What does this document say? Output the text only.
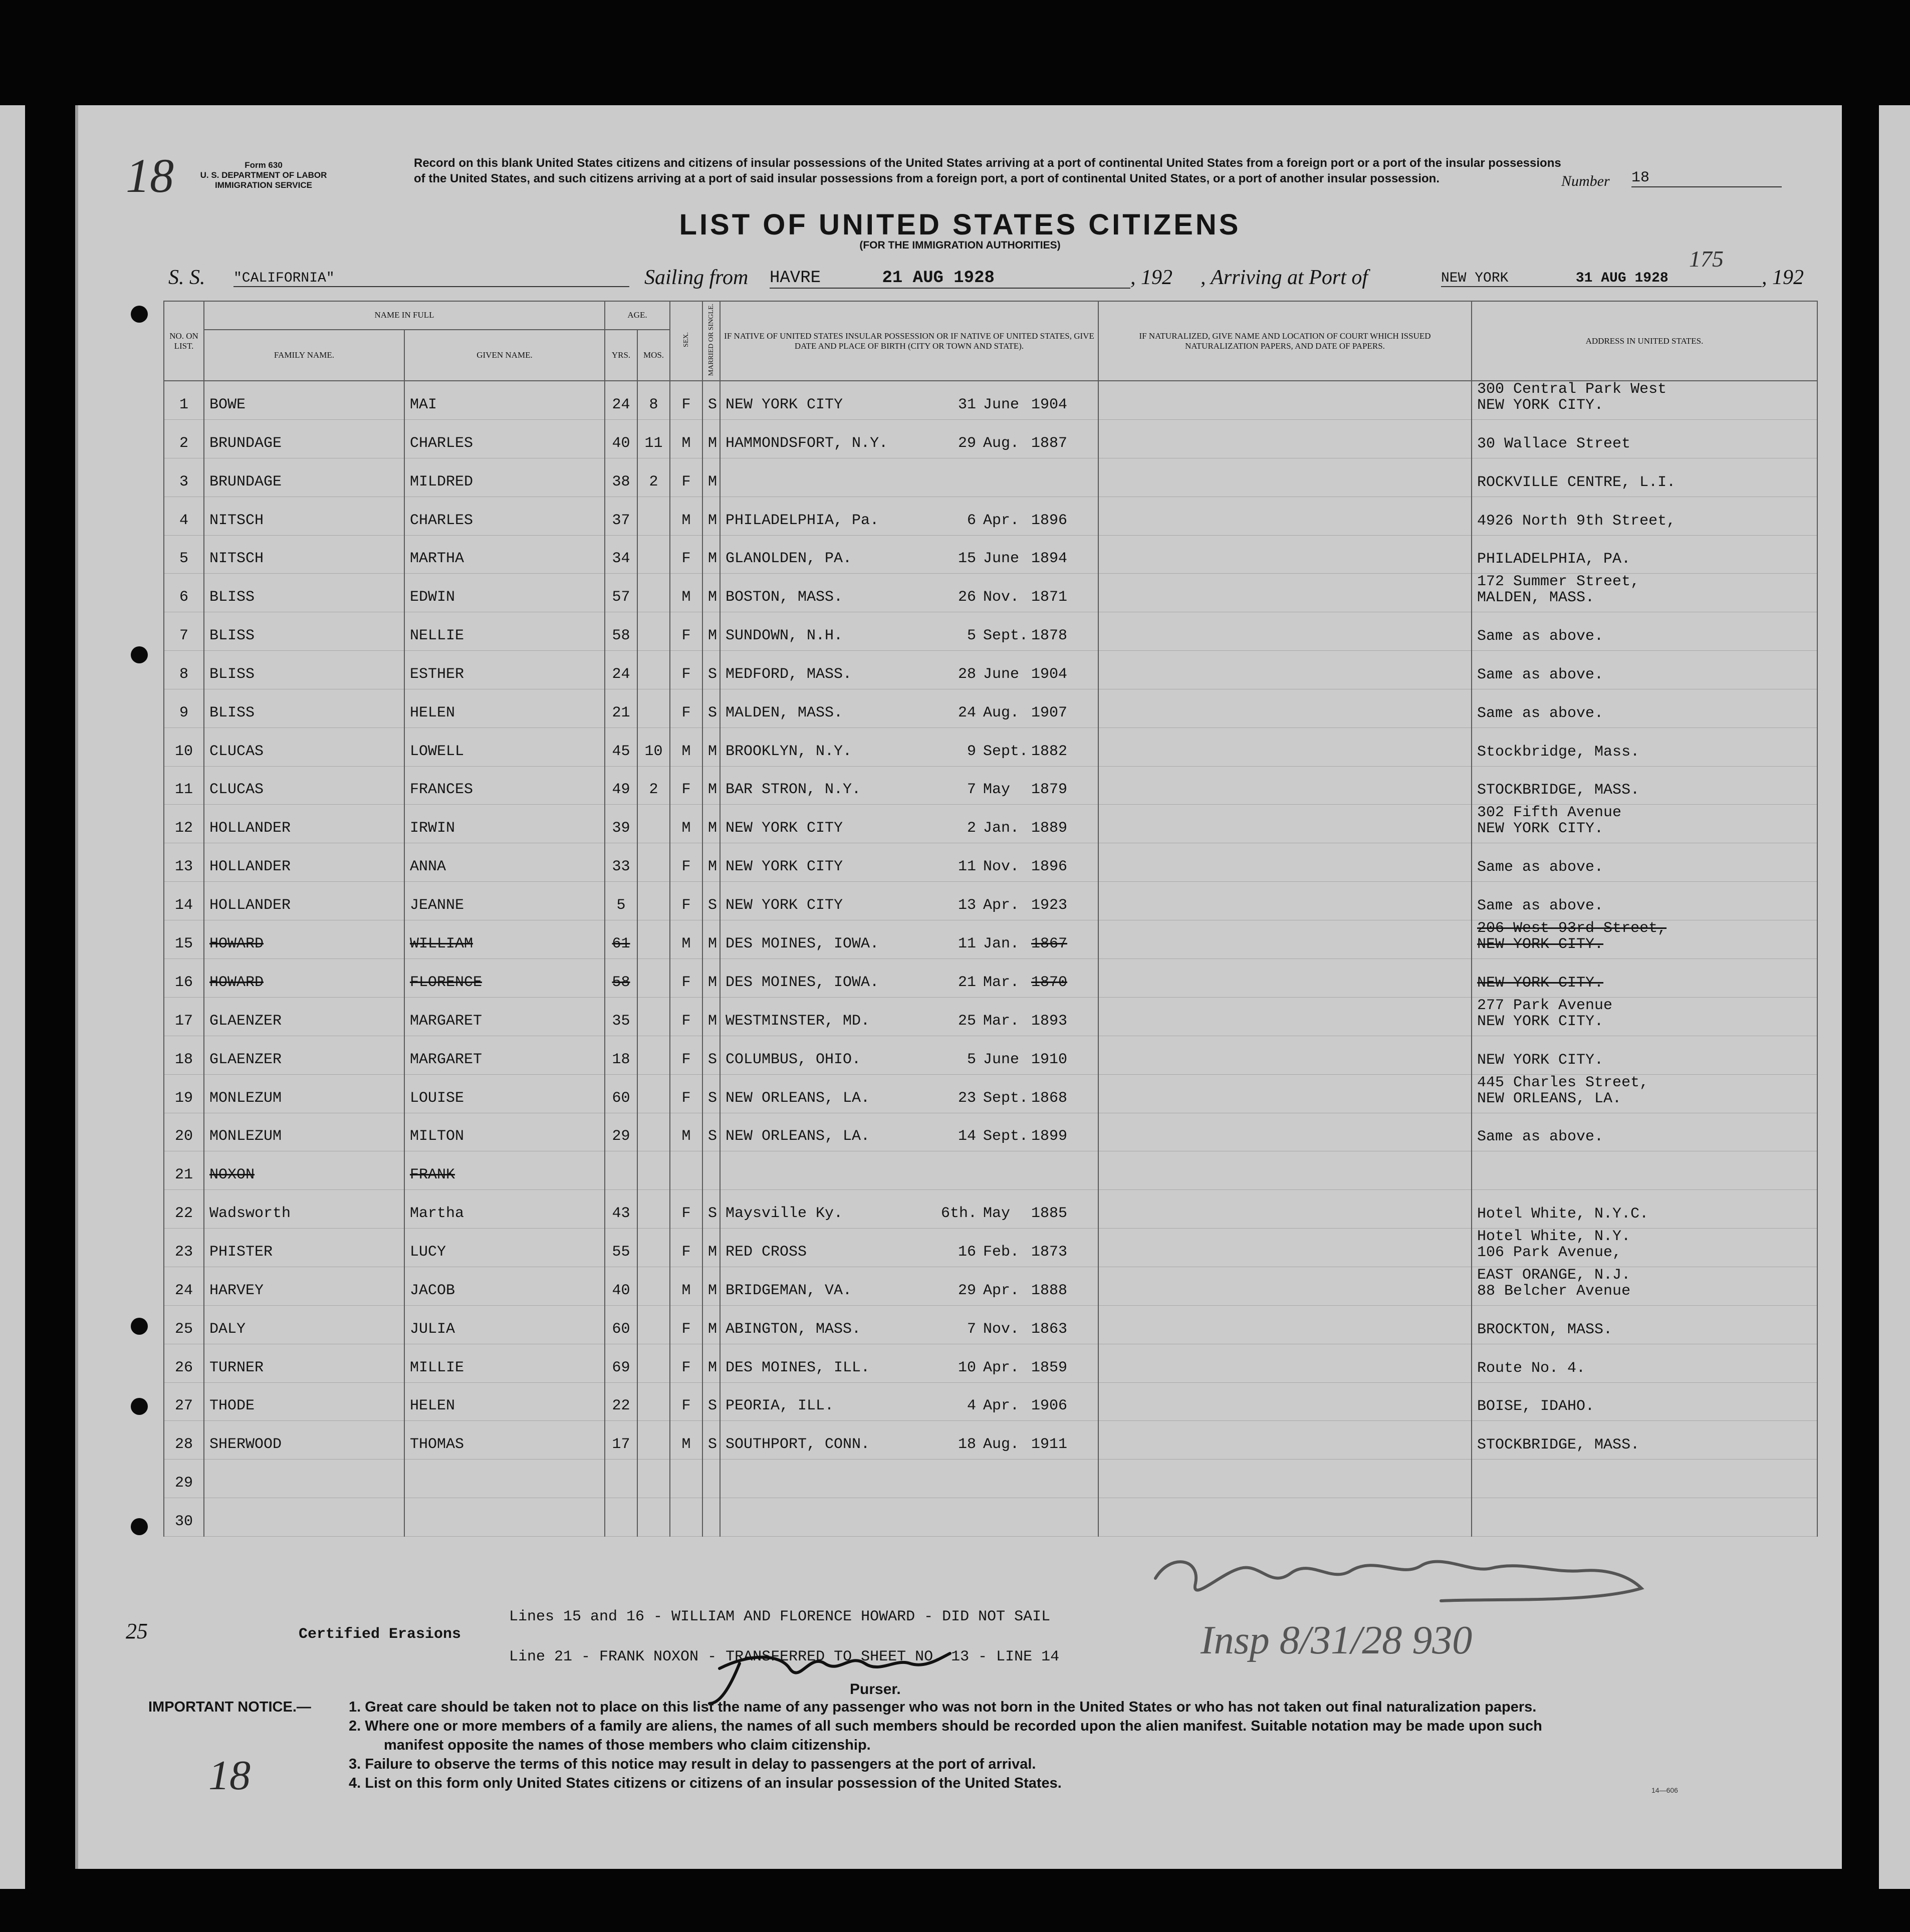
18	Form 630
U. S. DEPARTMENT OF LABOR
IMMIGRATION SERVICE
Record on this blank United States citizens and citizens of insular possessions of the United States arriving at a port of continental United States from a foreign port or a port of the insular possessions of the United States, and such citizens arriving at a port of said insular possessions from a foreign port, a port of continental United States, or a port of another insular possession.	Number 18
LIST OF UNITED STATES CITIZENS
(FOR THE IMMIGRATION AUTHORITIES)
175
S. S. "CALIFORNIA"	Sailing from HAVRE	21 AUG 1928	, 192 , Arriving at Port of	NEW YORK	31 AUG 1928	, 192
NO. ON LIST.	NAME IN FULL		AGE.		SEX.	MARRIED OR SINGLE.	IF NATIVE OF UNITED STATES INSULAR POSSESSION OR IF NATIVE OF UNITED STATES, GIVE DATE AND PLACE OF BIRTH (CITY OR TOWN AND STATE).	IF NATURALIZED, GIVE NAME AND LOCATION OF COURT WHICH ISSUED NATURALIZATION PAPERS, AND DATE OF PAPERS.	ADDRESS IN UNITED STATES.
	FAMILY NAME.	GIVEN NAME.	YRS.	MOS.					
1	BOWE	MAI	24	8	F	S	NEW YORK CITY 31 June 1904		300 Central Park West
NEW YORK CITY.
2	BRUNDAGE	CHARLES	40	11	M	M	HAMMONDSFORT, N.Y. 29 Aug. 1887		30 Wallace Street
3	BRUNDAGE	MILDRED	38	2	F	M			ROCKVILLE CENTRE, L.I.
4	NITSCH	CHARLES	37		M	M	PHILADELPHIA, Pa. 6 Apr. 1896		4926 North 9th Street,
5	NITSCH	MARTHA	34		F	M	GLANOLDEN, PA. 15 June 1894		PHILADELPHIA, PA.
6	BLISS	EDWIN	57		M	M	BOSTON, MASS. 26 Nov. 1871		172 Summer Street,
MALDEN, MASS.
7	BLISS	NELLIE	58		F	M	SUNDOWN, N.H. 5 Sept. 1878		Same as above.
8	BLISS	ESTHER	24		F	S	MEDFORD, MASS. 28 June 1904		Same as above.
9	BLISS	HELEN	21		F	S	MALDEN, MASS. 24 Aug. 1907		Same as above.
10	CLUCAS	LOWELL	45	10	M	M	BROOKLYN, N.Y. 9 Sept. 1882		Stockbridge, Mass.
11	CLUCAS	FRANCES	49	2	F	M	BAR STRON, N.Y. 7 May 1879		STOCKBRIDGE, MASS.
12	HOLLANDER	IRWIN	39		M	M	NEW YORK CITY 2 Jan. 1889		302 Fifth Avenue
NEW YORK CITY.
13	HOLLANDER	ANNA	33		F	M	NEW YORK CITY 11 Nov. 1896		Same as above.
14	HOLLANDER	JEANNE	5		F	S	NEW YORK CITY 13 Apr. 1923		Same as above.
15	HOWARD	WILLIAM	61		M	M	DES MOINES, IOWA. 11 Jan. 1867		206 West 93rd Street,
NEW YORK CITY.
16	HOWARD	FLORENCE	58		F	M	DES MOINES, IOWA. 21 Mar. 1870		NEW YORK CITY.
17	GLAENZER	MARGARET	35		F	M	WESTMINSTER, MD. 25 Mar. 1893		277 Park Avenue
NEW YORK CITY.
18	GLAENZER	MARGARET	18		F	S	COLUMBUS, OHIO. 5 June 1910		NEW YORK CITY.
19	MONLEZUM	LOUISE	60		F	S	NEW ORLEANS, LA. 23 Sept. 1868		445 Charles Street,
NEW ORLEANS, LA.
20	MONLEZUM	MILTON	29		M	S	NEW ORLEANS, LA. 14 Sept. 1899		Same as above.
21	NOXON	FRANK							
22	Wadsworth	Martha	43		F	S	Maysville Ky. 6th. May 1885		Hotel White, N.Y.C.
23	PHISTER	LUCY	55		F	M	RED CROSS 16 Feb. 1873		Hotel White, N.Y.
106 Park Avenue,
24	HARVEY	JACOB	40		M	M	BRIDGEMAN, VA. 29 Apr. 1888		EAST ORANGE, N.J.
88 Belcher Avenue
25	DALY	JULIA	60		F	M	ABINGTON, MASS. 7 Nov. 1863		BROCKTON, MASS.
26	TURNER	MILLIE	69		F	M	DES MOINES, ILL. 10 Apr. 1859		Route No. 4.
27	THODE	HELEN	22		F	S	PEORIA, ILL. 4 Apr. 1906		BOISE, IDAHO.
28	SHERWOOD	THOMAS	17		M	S	SOUTHPORT, CONN. 18 Aug. 1911		STOCKBRIDGE, MASS.
29									
30									
25	Certified Erasions
Lines 15 and 16 - WILLIAM AND FLORENCE HOWARD - DID NOT SAIL
Line 21 - FRANK NOXON - TRANSFERRED TO SHEET NO. 13 - LINE 14	Insp 8/31/28 930
Purser.
18
IMPORTANT NOTICE.—	1. Great care should be taken not to place on this list the name of any passenger who was not born in the United States or who has not taken out final naturalization papers.
2. Where one or more members of a family are aliens, the names of all such members should be recorded upon the alien manifest. Suitable notation may be made upon such
manifest opposite the names of those members who claim citizenship.
3. Failure to observe the terms of this notice may result in delay to passengers at the port of arrival.
4. List on this form only United States citizens or citizens of an insular possession of the United States.	14—606
